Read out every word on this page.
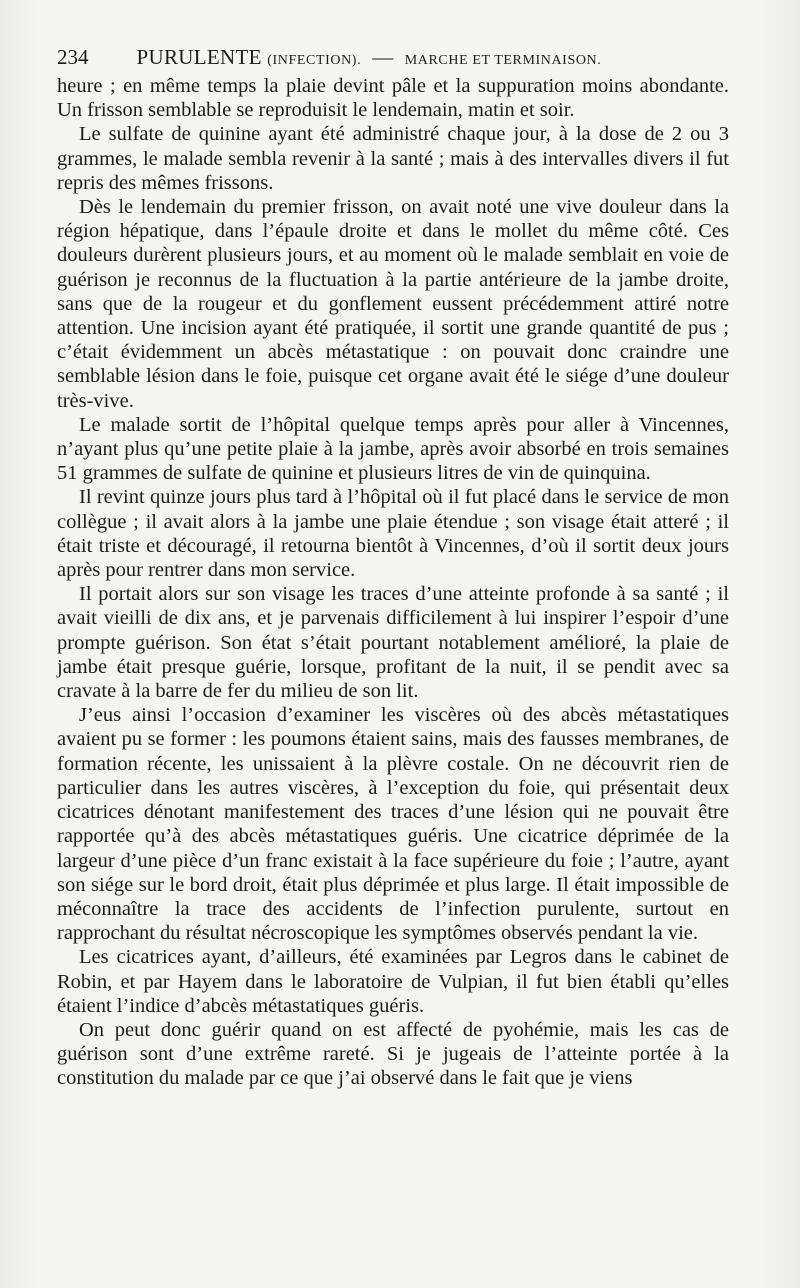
234 PURULENTE (INFECTION). — MARCHE ET TERMINAISON.

heure ; en même temps la plaie devint pâle et la suppuration moins abondante. Un frisson semblable se reproduisit le lendemain, matin et soir.

Le sulfate de quinine ayant été administré chaque jour, à la dose de 2 ou 3 grammes, le malade sembla revenir à la santé ; mais à des intervalles divers il fut repris des mêmes frissons.

Dès le lendemain du premier frisson, on avait noté une vive douleur dans la région hépatique, dans l’épaule droite et dans le mollet du même côté. Ces douleurs durèrent plusieurs jours, et au moment où le malade semblait en voie de guérison je reconnus de la fluctuation à la partie antérieure de la jambe droite, sans que de la rougeur et du gonflement eussent précédemment attiré notre attention. Une incision ayant été pratiquée, il sortit une grande quantité de pus ; c’était évidemment un abcès métastatique : on pouvait donc craindre une semblable lésion dans le foie, puisque cet organe avait été le siége d’une douleur très-vive.

Le malade sortit de l’hôpital quelque temps après pour aller à Vincennes, n’ayant plus qu’une petite plaie à la jambe, après avoir absorbé en trois semaines 51 grammes de sulfate de quinine et plusieurs litres de vin de quinquina.

Il revint quinze jours plus tard à l’hôpital où il fut placé dans le service de mon collègue ; il avait alors à la jambe une plaie étendue ; son visage était atteré ; il était triste et découragé, il retourna bientôt à Vincennes, d’où il sortit deux jours après pour rentrer dans mon service.

Il portait alors sur son visage les traces d’une atteinte profonde à sa santé ; il avait vieilli de dix ans, et je parvenais difficilement à lui inspirer l’espoir d’une prompte guérison. Son état s’était pourtant notablement amélioré, la plaie de jambe était presque guérie, lorsque, profitant de la nuit, il se pendit avec sa cravate à la barre de fer du milieu de son lit.

J’eus ainsi l’occasion d’examiner les viscères où des abcès métastatiques avaient pu se former : les poumons étaient sains, mais des fausses membranes, de formation récente, les unissaient à la plèvre costale. On ne découvrit rien de particulier dans les autres viscères, à l’exception du foie, qui présentait deux cicatrices dénotant manifestement des traces d’une lésion qui ne pouvait être rapportée qu’à des abcès métastatiques guéris. Une cicatrice déprimée de la largeur d’une pièce d’un franc existait à la face supérieure du foie ; l’autre, ayant son siége sur le bord droit, était plus déprimée et plus large. Il était impossible de méconnaître la trace des accidents de l’infection purulente, surtout en rapprochant du résultat nécroscopique les symptômes observés pendant la vie.

Les cicatrices ayant, d’ailleurs, été examinées par Legros dans le cabinet de Robin, et par Hayem dans le laboratoire de Vulpian, il fut bien établi qu’elles étaient l’indice d’abcès métastatiques guéris.

On peut donc guérir quand on est affecté de pyohémie, mais les cas de guérison sont d’une extrême rareté. Si je jugeais de l’atteinte portée à la constitution du malade par ce que j’ai observé dans le fait que je viens
